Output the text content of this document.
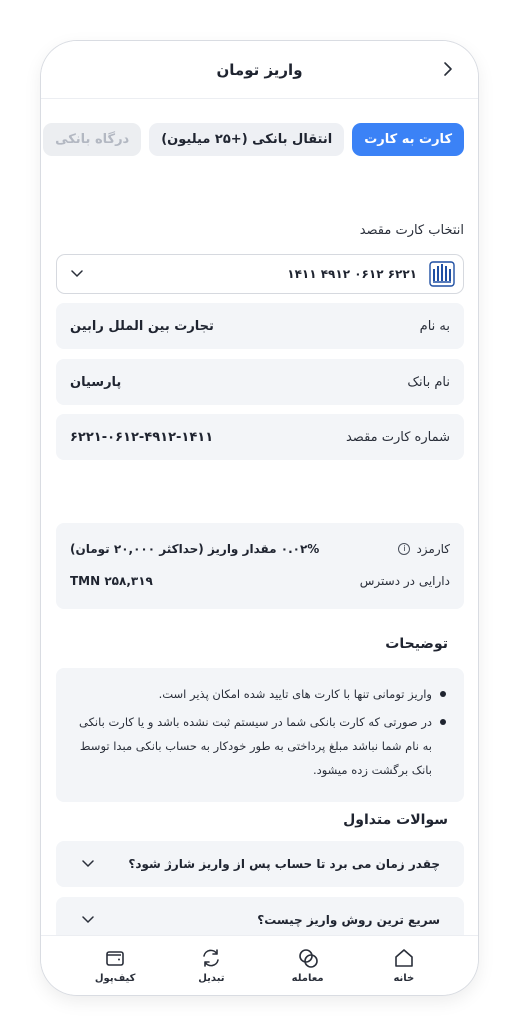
واریز تومان
کارت به کارت
انتقال بانکی (+۲۵ میلیون)
درگاه بانکی
انتخاب کارت مقصد
۶۲۲۱ ۰۶۱۲ ۴۹۱۲ ۱۴۱۱
به نام
تجارت بین الملل رابین
نام بانک
پارسیان
شماره کارت مقصد
۶۲۲۱-۰۶۱۲-۴۹۱۲-۱۴۱۱
کارمزد
i
۰.۰۲% مقدار واریز (حداکثر ۲۰,۰۰۰ تومان)
دارایی در دسترس
۲۵۸,۳۱۹ TMN
توضیحات
واریز تومانی تنها با کارت های تایید شده امکان پذیر است.
در صورتی که کارت بانکی شما در سیستم ثبت نشده باشد و یا کارت بانکی به نام شما نباشد مبلغ پرداختی به طور خودکار به حساب بانکی مبدا توسط بانک برگشت زده میشود.
سوالات متداول
چقدر زمان می برد تا حساب پس از واریز شارژ شود؟
سریع ترین روش واریز چیست؟
خانه
معامله
تبدیل
کیف‌پول
